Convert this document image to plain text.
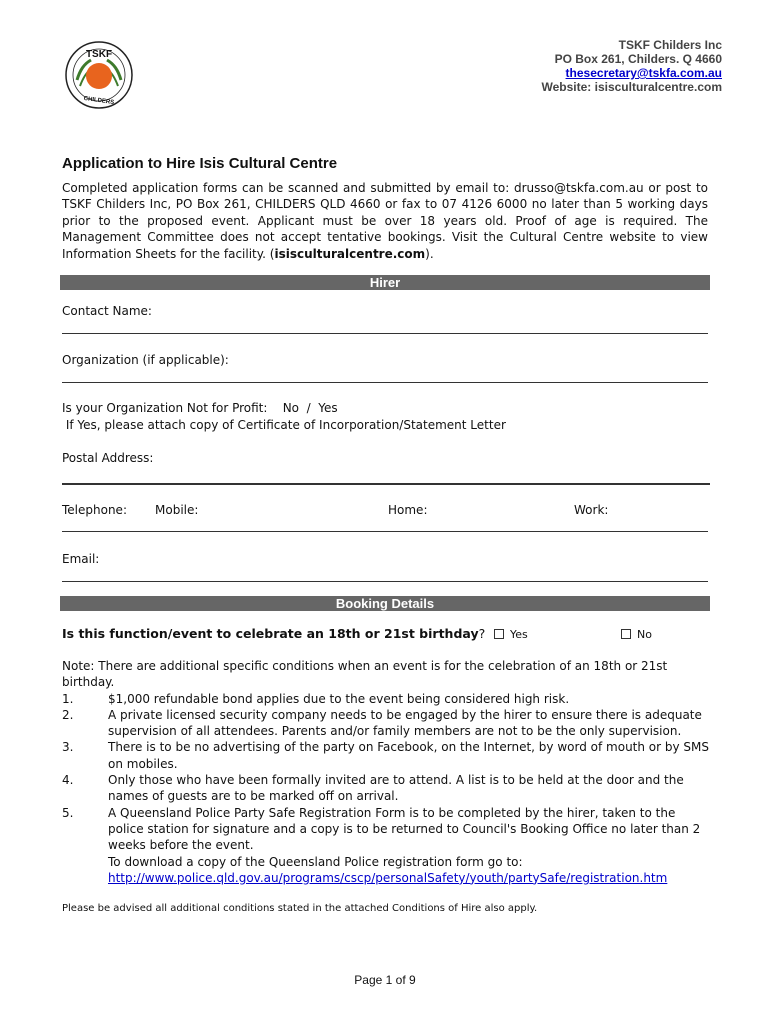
TSKF
CHILDERS
TSKF Childers Inc
PO Box 261, Childers. Q 4660
thesecretary@tskfa.com.au
Website: isisculturalcentre.com
Application to Hire Isis Cultural Centre
Completed application forms can be scanned and submitted by email to: drusso@tskfa.com.au or post to TSKF Childers Inc, PO Box 261, CHILDERS QLD 4660 or fax to 07 4126 6000 no later than 5 working days prior to the proposed event. Applicant must be over 18 years old. Proof of age is required. The Management Committee does not accept tentative bookings. Visit the Cultural Centre website to view Information Sheets for the facility. (isisculturalcentre.com).
Hirer
Contact Name:
Organization (if applicable):
Is your Organization Not for Profit:    No  /  Yes
If Yes, please attach copy of Certificate of Incorporation/Statement Letter
Postal Address:
Telephone: Mobile:	Home:	Work:
Email:
Booking Details
Is this function/event to celebrate an 18th or 21st birthday?	Yes	No
Note: There are additional specific conditions when an event is for the celebration of an 18th or 21st birthday.
1.	$1,000 refundable bond applies due to the event being considered high risk.
2.	A private licensed security company needs to be engaged by the hirer to ensure there is adequate supervision of all attendees. Parents and/or family members are not to be the only supervision.
3.	There is to be no advertising of the party on Facebook, on the Internet, by word of mouth or by SMS on mobiles.
4.	Only those who have been formally invited are to attend. A list is to be held at the door and the names of guests are to be marked off on arrival.
5.	A Queensland Police Party Safe Registration Form is to be completed by the hirer, taken to the police station for signature and a copy is to be returned to Council's Booking Office no later than 2 weeks before the event.
To download a copy of the Queensland Police registration form go to:
http://www.police.qld.gov.au/programs/cscp/personalSafety/youth/partySafe/registration.htm
Please be advised all additional conditions stated in the attached Conditions of Hire also apply.
Page 1 of 9
